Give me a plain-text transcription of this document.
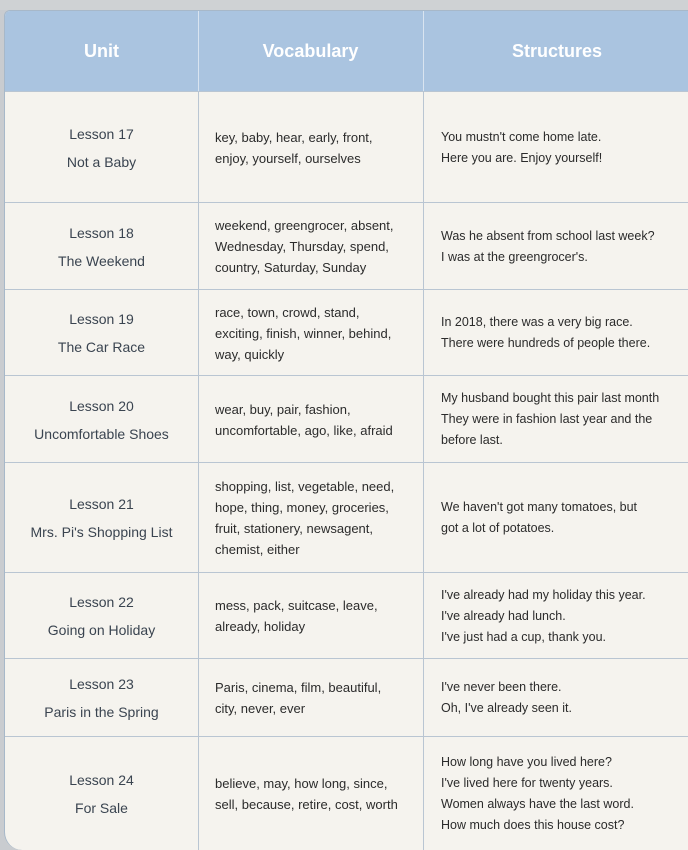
Unit	Vocabulary	Structures
Lesson 17
Not a Baby
key, baby, hear, early, front,
enjoy, yourself, ourselves
You mustn't come home late.
Here you are. Enjoy yourself!
Lesson 18
The Weekend
weekend, greengrocer, absent,
Wednesday, Thursday, spend,
country, Saturday, Sunday
Was he absent from school last week?
I was at the greengrocer's.
Lesson 19
The Car Race
race, town, crowd, stand,
exciting, finish, winner, behind,
way, quickly
In 2018, there was a very big race.
There were hundreds of people there.
Lesson 20
Uncomfortable Shoes
wear, buy, pair, fashion,
uncomfortable, ago, like, afraid
My husband bought this pair last month
They were in fashion last year and the
before last.
Lesson 21
Mrs. Pi's Shopping List
shopping, list, vegetable, need,
hope, thing, money, groceries,
fruit, stationery, newsagent,
chemist, either
We haven't got many tomatoes, but
got a lot of potatoes.
Lesson 22
Going on Holiday
mess, pack, suitcase, leave,
already, holiday
I've already had my holiday this year.
I've already had lunch.
I've just had a cup, thank you.
Lesson 23
Paris in the Spring
Paris, cinema, film, beautiful,
city, never, ever
I've never been there.
Oh, I've already seen it.
Lesson 24
For Sale
believe, may, how long, since,
sell, because, retire, cost, worth
How long have you lived here?
I've lived here for twenty years.
Women always have the last word.
How much does this house cost?
